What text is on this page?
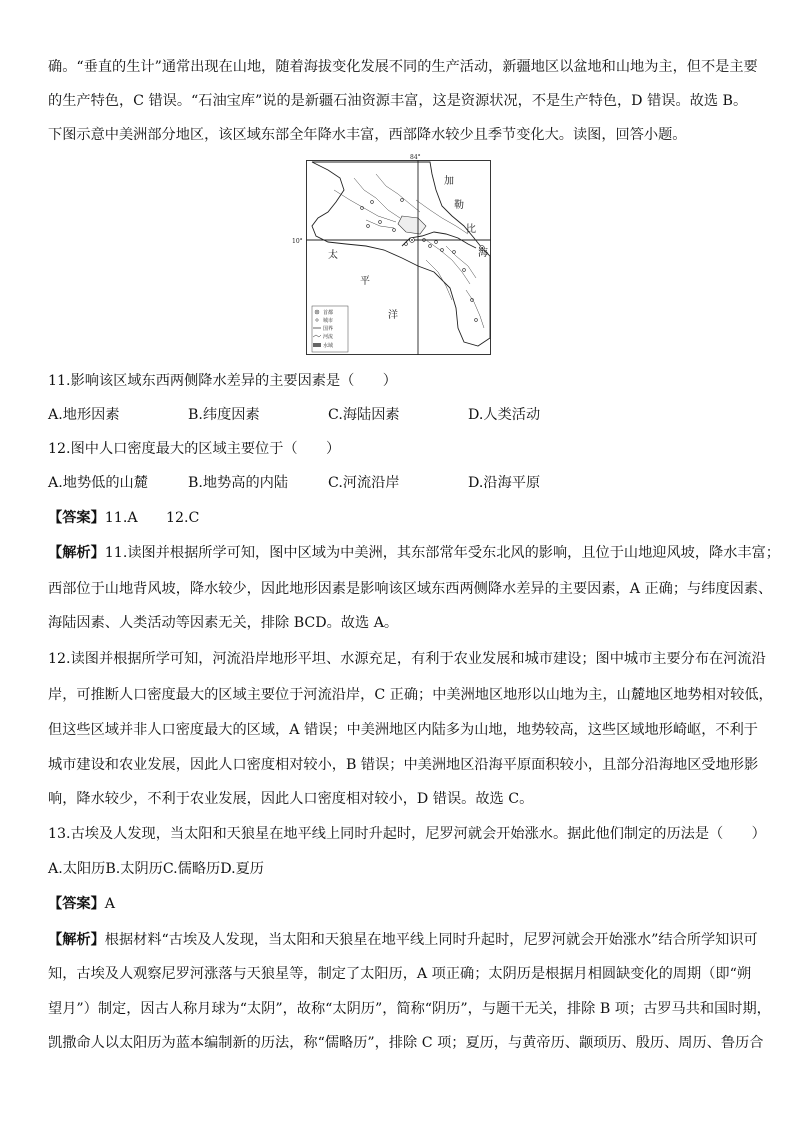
确。“垂直的生计”通常出现在山地，随着海拔变化发展不同的生产活动，新疆地区以盆地和山地为主，但不是主要
的生产特色，C 错误。“石油宝库”说的是新疆石油资源丰富，这是资源状况，不是生产特色，D 错误。故选 B。
下图示意中美洲部分地区，该区域东部全年降水丰富，西部降水较少且季节变化大。读图，回答小题。
84°
10°
加
勒
比
海
太
平
洋
首都
城市
国界
河流
水域
11.影响该区域东西两侧降水差异的主要因素是（　　）
A.地形因素	B.纬度因素	C.海陆因素	D.人类活动
12.图中人口密度最大的区域主要位于（　　）
A.地势低的山麓	B.地势高的内陆	C.河流沿岸	D.沿海平原
【答案】11.A　　12.C
【解析】11.读图并根据所学可知，图中区域为中美洲，其东部常年受东北风的影响，且位于山地迎风坡，降水丰富；
西部位于山地背风坡，降水较少，因此地形因素是影响该区域东西两侧降水差异的主要因素，A 正确；与纬度因素、
海陆因素、人类活动等因素无关，排除 BCD。故选 A。
12.读图并根据所学可知，河流沿岸地形平坦、水源充足，有利于农业发展和城市建设；图中城市主要分布在河流沿
岸，可推断人口密度最大的区域主要位于河流沿岸，C 正确；中美洲地区地形以山地为主，山麓地区地势相对较低，
但这些区域并非人口密度最大的区域，A 错误；中美洲地区内陆多为山地，地势较高，这些区域地形崎岖，不利于
城市建设和农业发展，因此人口密度相对较小，B 错误；中美洲地区沿海平原面积较小，且部分沿海地区受地形影
响，降水较少，不利于农业发展，因此人口密度相对较小，D 错误。故选 C。
13.古埃及人发现，当太阳和天狼星在地平线上同时升起时，尼罗河就会开始涨水。据此他们制定的历法是（　　）
A.太阳历B.太阴历C.儒略历D.夏历
【答案】A
【解析】根据材料“古埃及人发现，当太阳和天狼星在地平线上同时升起时，尼罗河就会开始涨水”结合所学知识可
知，古埃及人观察尼罗河涨落与天狼星等，制定了太阳历，A 项正确；太阴历是根据月相圆缺变化的周期（即“朔
望月”）制定，因古人称月球为“太阴”，故称“太阴历”，简称“阴历”，与题干无关，排除 B 项；古罗马共和国时期，
凯撒命人以太阳历为蓝本编制新的历法，称“儒略历”，排除 C 项；夏历，与黄帝历、颛顼历、殷历、周历、鲁历合
